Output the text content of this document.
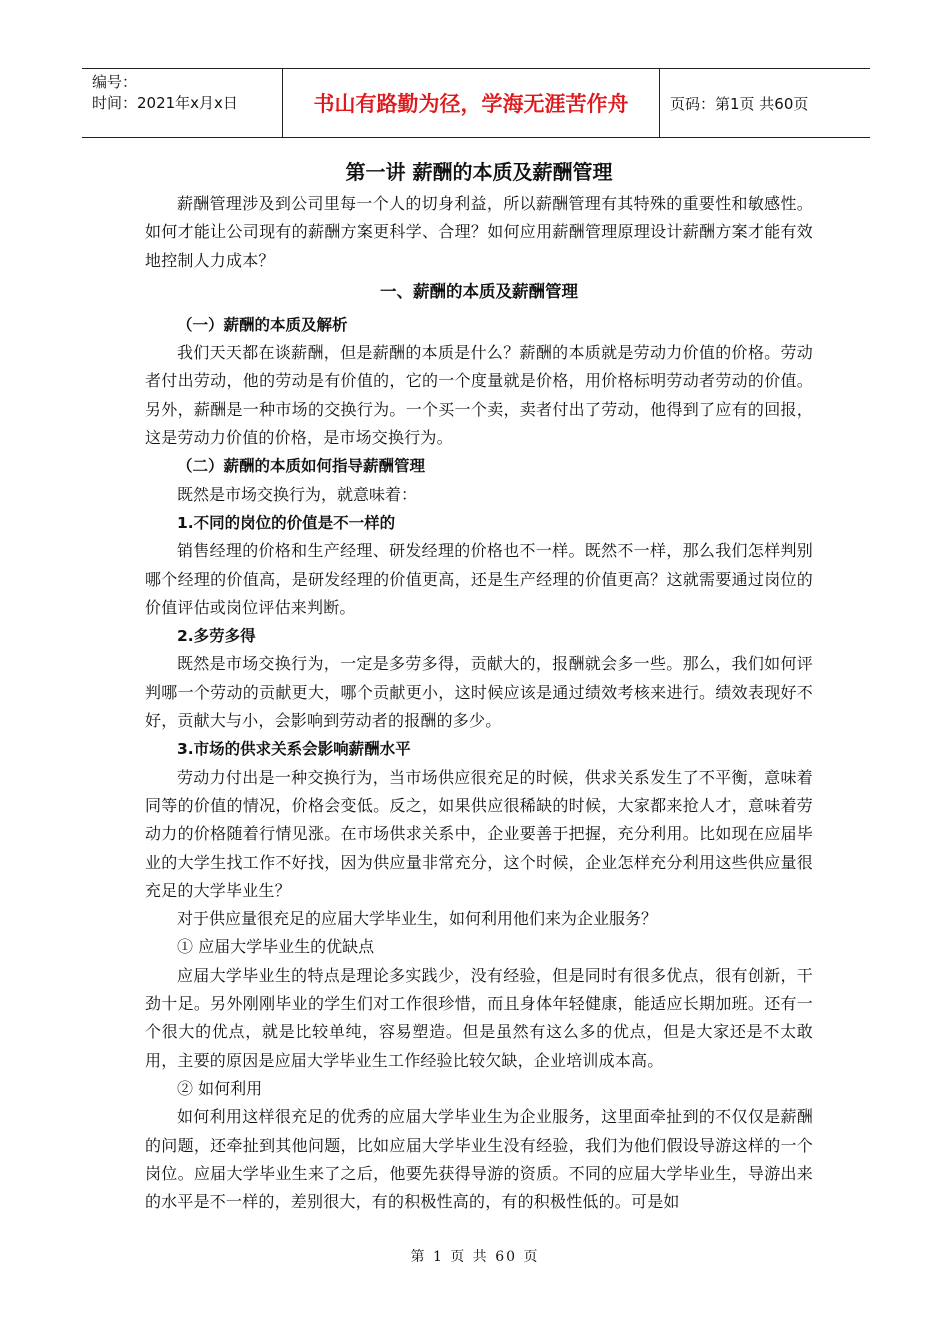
编号：
时间：2021年x月x日	书山有路勤为径，学海无涯苦作舟	页码：第1页 共60页
第一讲 薪酬的本质及薪酬管理

薪酬管理涉及到公司里每一个人的切身利益，所以薪酬管理有其特殊的重要性和敏感性。如何才能让公司现有的薪酬方案更科学、合理？如何应用薪酬管理原理设计薪酬方案才能有效地控制人力成本？

一、薪酬的本质及薪酬管理
（一）薪酬的本质及解析

我们天天都在谈薪酬，但是薪酬的本质是什么？薪酬的本质就是劳动力价值的价格。劳动者付出劳动，他的劳动是有价值的，它的一个度量就是价格，用价格标明劳动者劳动的价值。另外，薪酬是一种市场的交换行为。一个买一个卖，卖者付出了劳动，他得到了应有的回报，这是劳动力价值的价格，是市场交换行为。

（二）薪酬的本质如何指导薪酬管理

既然是市场交换行为，就意味着：

1.不同的岗位的价值是不一样的

销售经理的价格和生产经理、研发经理的价格也不一样。既然不一样，那么我们怎样判别哪个经理的价值高，是研发经理的价值更高，还是生产经理的价值更高？这就需要通过岗位的价值评估或岗位评估来判断。

2.多劳多得

既然是市场交换行为，一定是多劳多得，贡献大的，报酬就会多一些。那么，我们如何评判哪一个劳动的贡献更大，哪个贡献更小，这时候应该是通过绩效考核来进行。绩效表现好不好，贡献大与小，会影响到劳动者的报酬的多少。

3.市场的供求关系会影响薪酬水平

劳动力付出是一种交换行为，当市场供应很充足的时候，供求关系发生了不平衡，意味着同等的价值的情况，价格会变低。反之，如果供应很稀缺的时候，大家都来抢人才，意味着劳动力的价格随着行情见涨。在市场供求关系中，企业要善于把握，充分利用。比如现在应届毕业的大学生找工作不好找，因为供应量非常充分，这个时候，企业怎样充分利用这些供应量很充足的大学毕业生？

对于供应量很充足的应届大学毕业生，如何利用他们来为企业服务？

① 应届大学毕业生的优缺点

应届大学毕业生的特点是理论多实践少，没有经验，但是同时有很多优点，很有创新，干劲十足。另外刚刚毕业的学生们对工作很珍惜，而且身体年轻健康，能适应长期加班。还有一个很大的优点，就是比较单纯，容易塑造。但是虽然有这么多的优点，但是大家还是不太敢用，主要的原因是应届大学毕业生工作经验比较欠缺，企业培训成本高。

② 如何利用

如何利用这样很充足的优秀的应届大学毕业生为企业服务，这里面牵扯到的不仅仅是薪酬的问题，还牵扯到其他问题，比如应届大学毕业生没有经验，我们为他们假设导游这样的一个岗位。应届大学毕业生来了之后，他要先获得导游的资质。不同的应届大学毕业生，导游出来的水平是不一样的，差别很大，有的积极性高的，有的积极性低的。可是如

第 1 页 共 60 页
